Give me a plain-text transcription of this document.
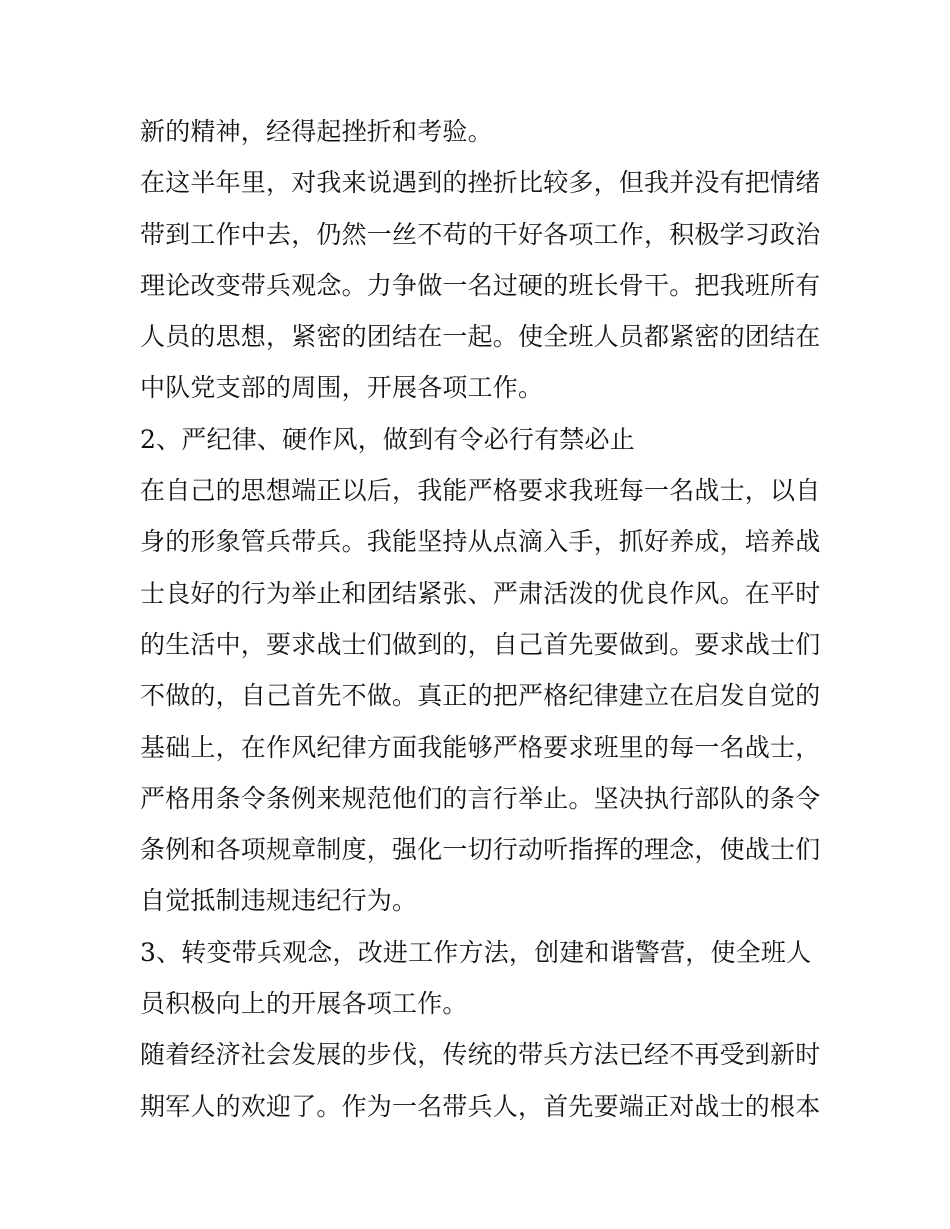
新的精神，经得起挫折和考验。
在这半年里，对我来说遇到的挫折比较多，但我并没有把情绪
带到工作中去，仍然一丝不苟的干好各项工作，积极学习政治
理论改变带兵观念。力争做一名过硬的班长骨干。把我班所有
人员的思想，紧密的团结在一起。使全班人员都紧密的团结在
中队党支部的周围，开展各项工作。
2、严纪律、硬作风，做到有令必行有禁必止
在自己的思想端正以后，我能严格要求我班每一名战士，以自
身的形象管兵带兵。我能坚持从点滴入手，抓好养成，培养战
士良好的行为举止和团结紧张、严肃活泼的优良作风。在平时
的生活中，要求战士们做到的，自己首先要做到。要求战士们
不做的，自己首先不做。真正的把严格纪律建立在启发自觉的
基础上，在作风纪律方面我能够严格要求班里的每一名战士，
严格用条令条例来规范他们的言行举止。坚决执行部队的条令
条例和各项规章制度，强化一切行动听指挥的理念，使战士们
自觉抵制违规违纪行为。
3、转变带兵观念，改进工作方法，创建和谐警营，使全班人
员积极向上的开展各项工作。
随着经济社会发展的步伐，传统的带兵方法已经不再受到新时
期军人的欢迎了。作为一名带兵人，首先要端正对战士的根本
